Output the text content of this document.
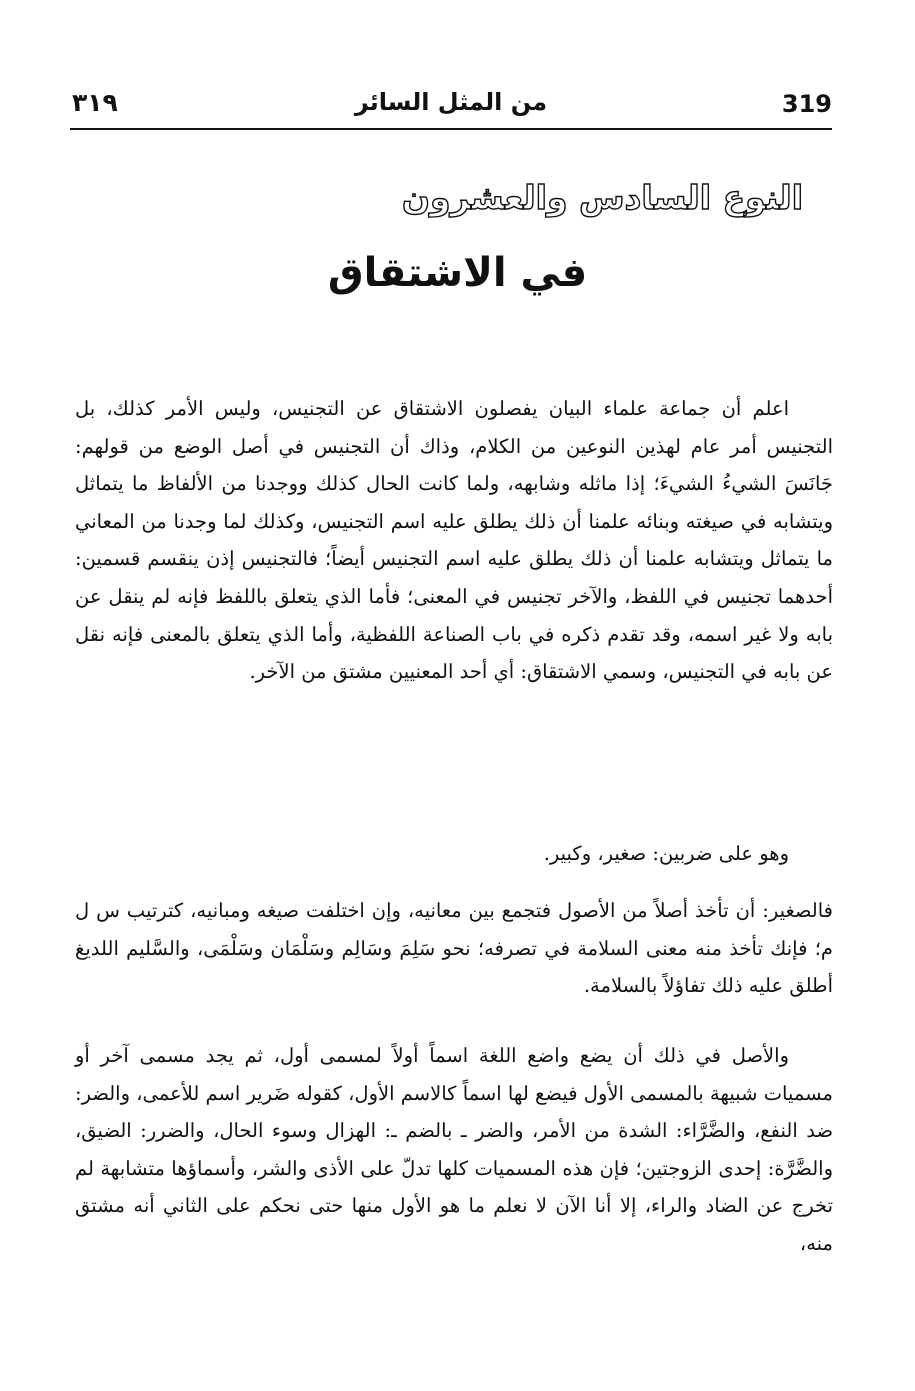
319
من المثل السائر
٣١٩
النوع السادس والعشرون
في الاشتقاق

اعلم أن جماعة علماء البيان يفصلون الاشتقاق عن التجنيس، وليس الأمر كذلك، بل التجنيس أمر عام لهذين النوعين من الكلام، وذاك أن التجنيس في أصل الوضع من قولهم: جَانَسَ الشيءُ الشيءَ؛ إذا ماثله وشابهه، ولما كانت الحال كذلك ووجدنا من الألفاظ ما يتماثل ويتشابه في صيغته وبنائه علمنا أن ذلك يطلق عليه اسم التجنيس، وكذلك لما وجدنا من المعاني ما يتماثل ويتشابه علمنا أن ذلك يطلق عليه اسم التجنيس أيضاً؛ فالتجنيس إذن ينقسم قسمين: أحدهما تجنيس في اللفظ، والآخر تجنيس في المعنى؛ فأما الذي يتعلق باللفظ فإنه لم ينقل عن بابه ولا غير اسمه، وقد تقدم ذكره في باب الصناعة اللفظية، وأما الذي يتعلق بالمعنى فإنه نقل عن بابه في التجنيس، وسمي الاشتقاق: أي أحد المعنيين مشتق من الآخر.

وهو على ضربين: صغير، وكبير.

فالصغير: أن تأخذ أصلاً من الأصول فتجمع بين معانيه، وإن اختلفت صيغه ومبانيه، كترتيب س ل م؛ فإنك تأخذ منه معنى السلامة في تصرفه؛ نحو سَلِمَ وسَالِم وسَلْمَان وسَلْمَى، والسَّليم اللديغ أطلق عليه ذلك تفاؤلاً بالسلامة.

والأصل في ذلك أن يضع واضع اللغة اسماً أولاً لمسمى أول، ثم يجد مسمى آخر أو مسميات شبيهة بالمسمى الأول فيضع لها اسماً كالاسم الأول، كقوله ضَرير اسم للأعمى، والضر: ضد النفع، والضَّرَّاء: الشدة من الأمر، والضر ـ بالضم ـ: الهزال وسوء الحال، والضرر: الضيق، والضَّرَّة: إحدى الزوجتين؛ فإن هذه المسميات كلها تدلّ على الأذى والشر، وأسماؤها متشابهة لم تخرج عن الضاد والراء، إلا أنا الآن لا نعلم ما هو الأول منها حتى نحكم على الثاني أنه مشتق منه،
